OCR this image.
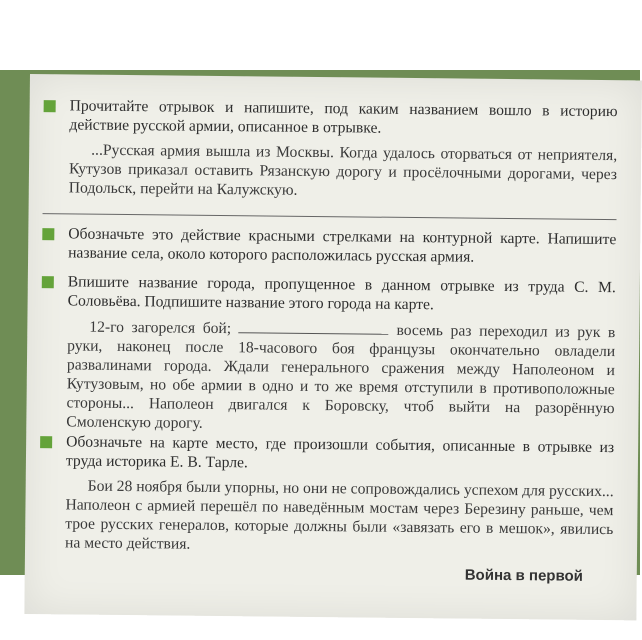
Прочитайте отрывок и напишите, под каким названием вошло в историю действие русской армии, описанное в отрывке.
...Русская армия вышла из Москвы. Когда удалось оторваться от неприятеля, Кутузов приказал оставить Рязанскую дорогу и просёлочными дорогами, через Подольск, перейти на Калужскую.
Обозначьте это действие красными стрелками на контурной карте. Напишите название села, около которого расположилась русская армия.
Впишите название города, пропущенное в данном отрывке из труда С. М. Соловьёва. Подпишите название этого города на карте.
12-го загорелся бой;	восемь раз переходил из рук в руки, наконец после 18-часового боя французы окончательно овладели развалинами города. Ждали генерального сражения между Наполеоном и Кутузовым, но обе армии в одно и то же время отступили в противоположные стороны... Наполеон двигался к Боровску, чтоб выйти на разорённую Смоленскую дорогу.
Обозначьте на карте место, где произошли события, описанные в отрывке из труда историка Е. В. Тарле.
Бои 28 ноября были упорны, но они не сопровождались успехом для русских... Наполеон с армией перешёл по наведённым мостам через Березину раньше, чем трое русских генералов, которые должны были «завязать его в мешок», явились на место действия.
Война в первой
